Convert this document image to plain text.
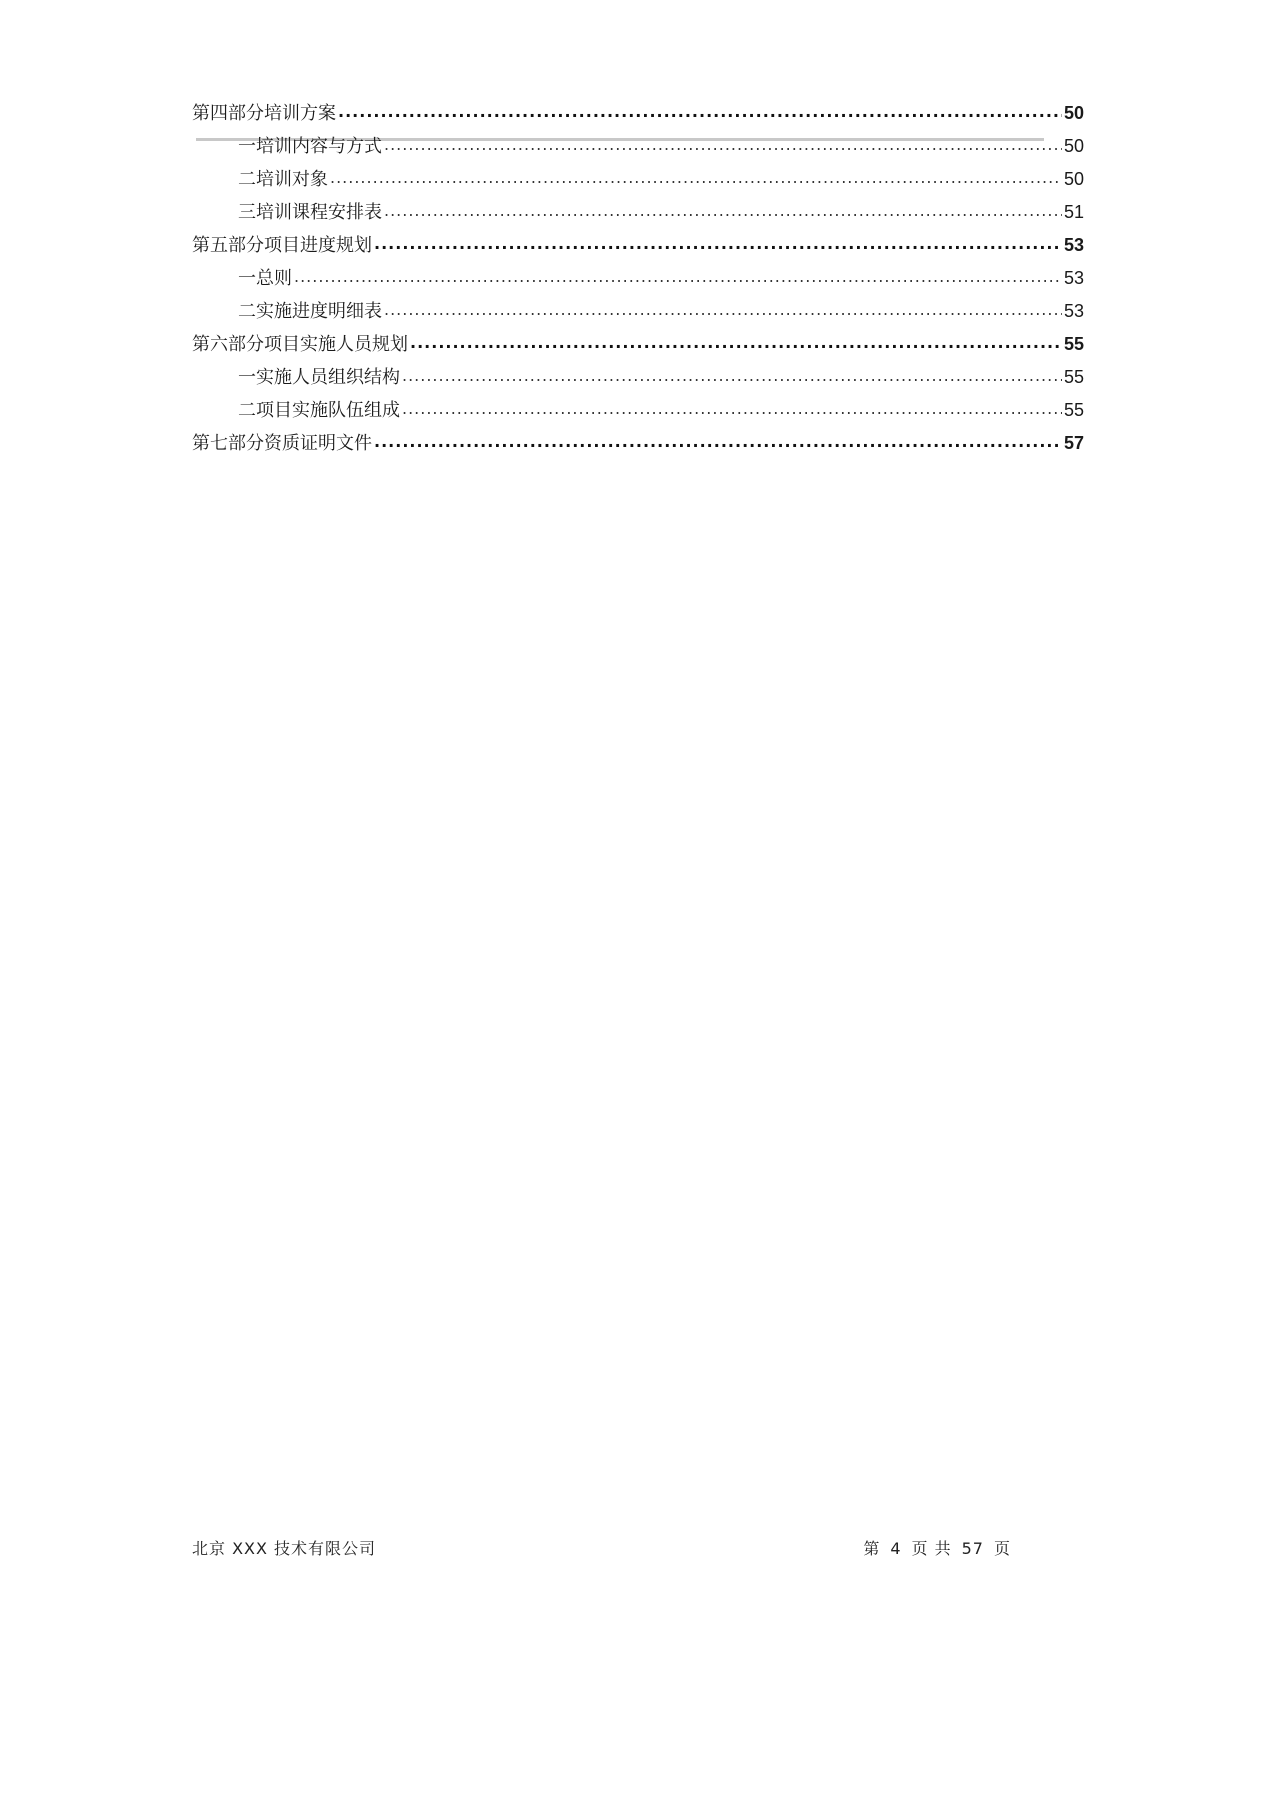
第四部分 培训方案 .....	50
一 培训内容与方式 .....	50
二 培训对象 .....	50
三 培训课程安排表 .....	51
第五部分 项目进度规划 .....	53
一 总则 .....	53
二 实施进度明细表 .....	53
第六部分 项目实施人员规划 .....	55
一 实施人员组织结构 .....	55
二 项目实施队伍组成 .....	55
第七部分 资质证明文件 .....	57
北京 XXX 技术有限公司	第 4 页 共 57 页
